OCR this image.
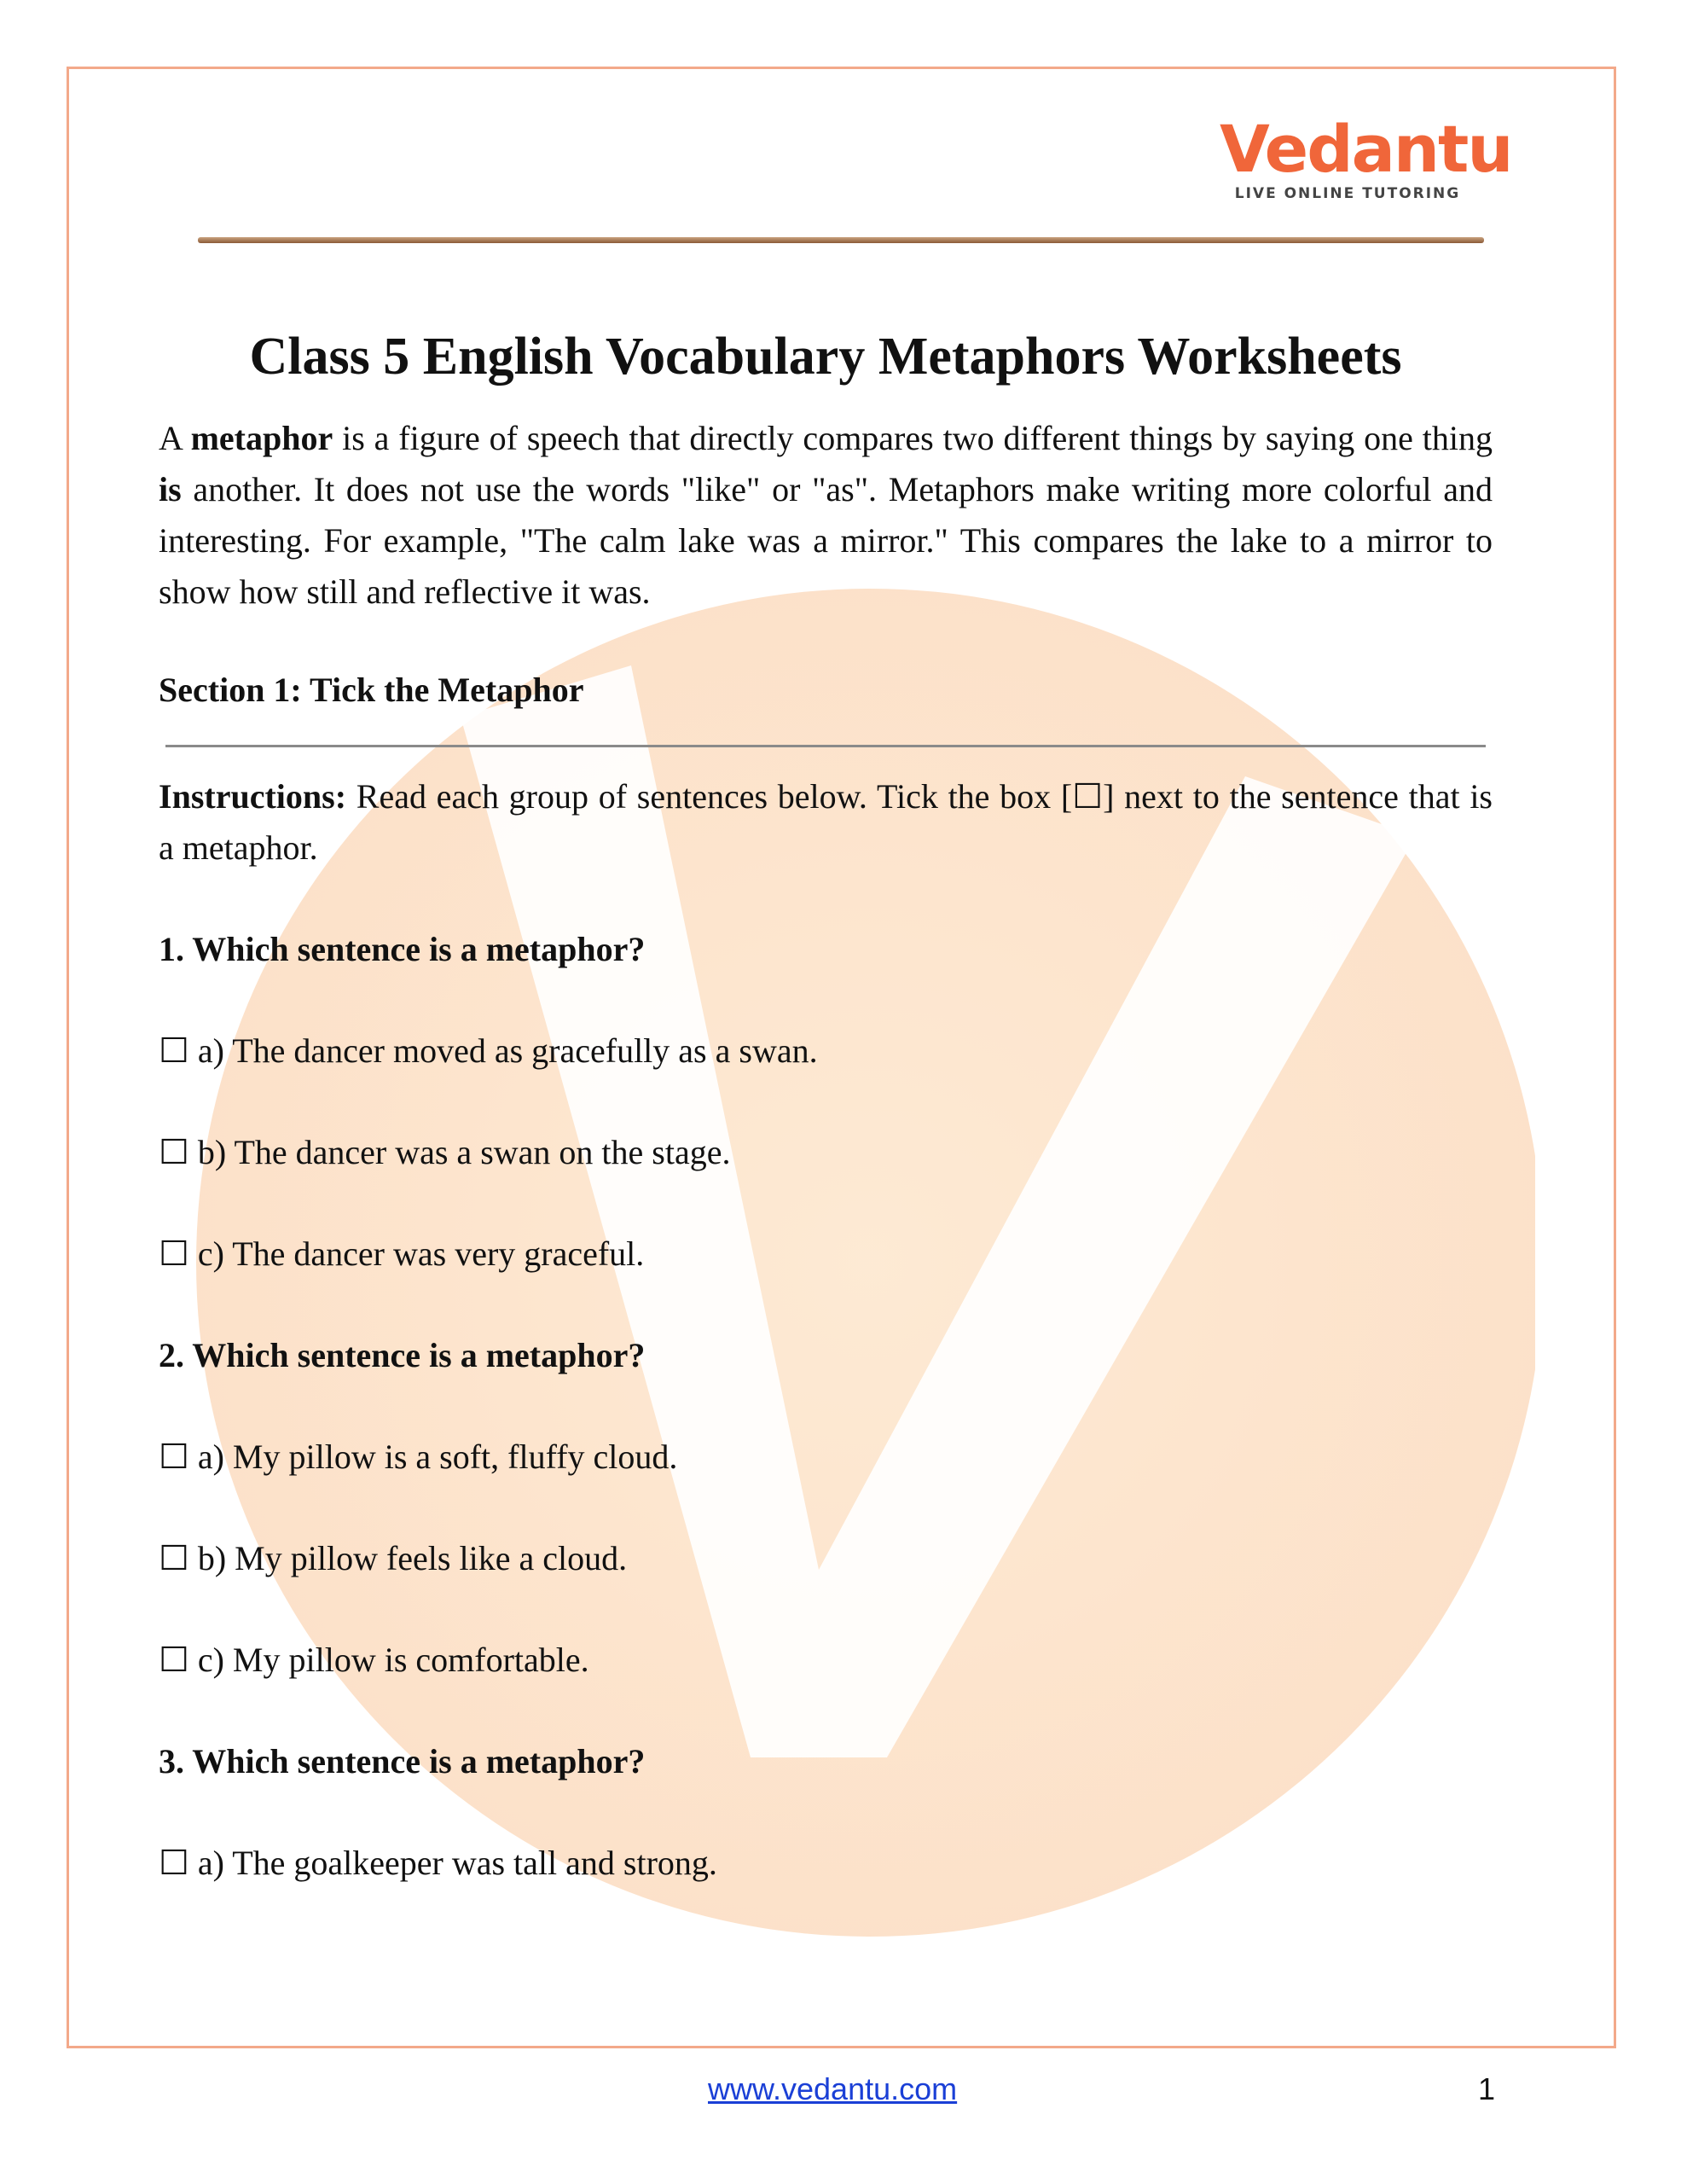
Vedantu
LIVE ONLINE TUTORING
Class 5 English Vocabulary Metaphors Worksheets

A metaphor is a figure of speech that directly compares two different things by saying one thing is another. It does not use the words "like" or "as". Metaphors make writing more colorful and interesting. For example, "The calm lake was a mirror." This compares the lake to a mirror to show how still and reflective it was.

Section 1: Tick the Metaphor
Instructions: Read each group of sentences below. Tick the box [☐] next to the sentence that is a metaphor.
1. Which sentence is a metaphor?
☐ a) The dancer moved as gracefully as a swan.
☐ b) The dancer was a swan on the stage.
☐ c) The dancer was very graceful.
2. Which sentence is a metaphor?
☐ a) My pillow is a soft, fluffy cloud.
☐ b) My pillow feels like a cloud.
☐ c) My pillow is comfortable.
3. Which sentence is a metaphor?
☐ a) The goalkeeper was tall and strong.
www.vedantu.com	1
